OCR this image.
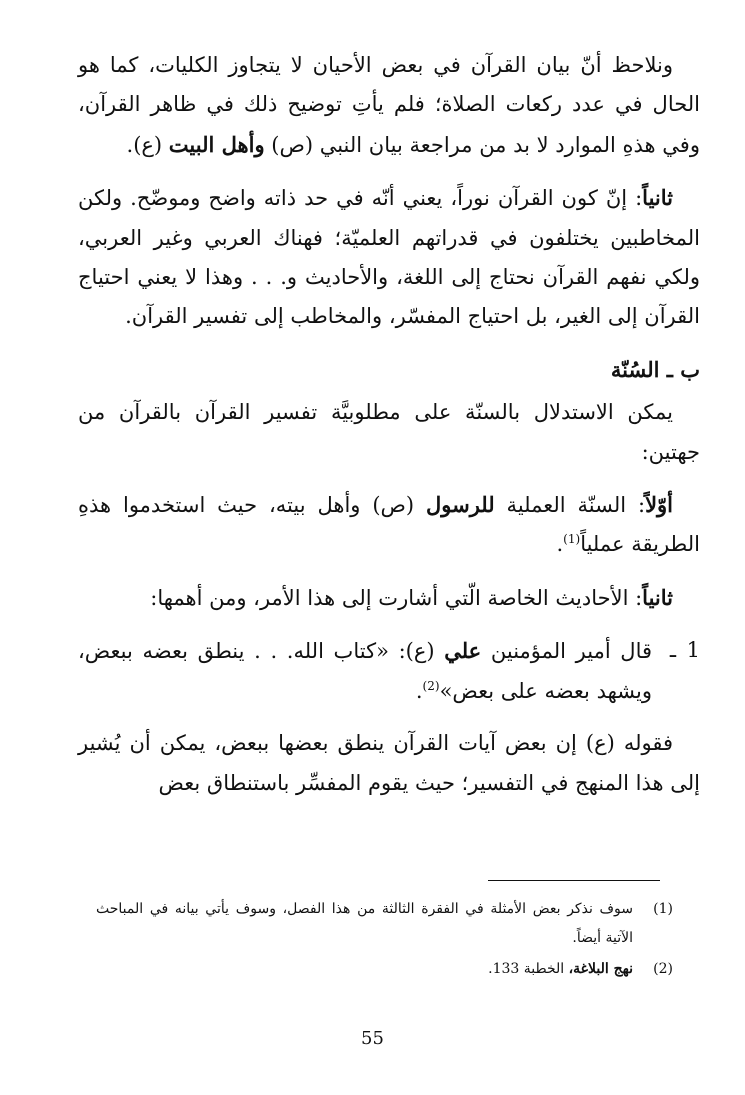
ونلاحظ أنّ بيان القرآن في بعض الأحيان لا يتجاوز الكليات، كما هو الحال في عدد ركعات الصلاة؛ فلم يأتِ توضيح ذلك في ظاهر القرآن، وفي هذهِ الموارد لا بد من مراجعة بيان النبي (ص) وأهل البيت (ع).

ثانياً: إنّ كون القرآن نوراً، يعني أنّه في حد ذاته واضح وموضّح. ولكن المخاطبين يختلفون في قدراتهم العلميّة؛ فهناك العربي وغير العربي، ولكي نفهم القرآن نحتاج إلى اللغة، والأحاديث و. . . وهذا لا يعني احتياج القرآن إلى الغير، بل احتياج المفسّر، والمخاطب إلى تفسير القرآن.

ب ـ السُنّة

يمكن الاستدلال بالسنّة على مطلوبيَّة تفسير القرآن بالقرآن من جهتين:

أوّلاً: السنّة العملية للرسول (ص) وأهل بيته، حيث استخدموا هذهِ الطريقة عملياً$^{(1)}$.

ثانياً: الأحاديث الخاصة الّتي أشارت إلى هذا الأمر، ومن أهمها:

1
ـ
قال أمير المؤمنين علي (ع): «كتاب الله. . . ينطق بعضه ببعض، ويشهد بعضه على بعض»$^{(2)}$.

فقوله (ع) إن بعض آيات القرآن ينطق بعضها ببعض، يمكن أن يُشير إلى هذا المنهج في التفسير؛ حيث يقوم المفسِّر باستنطاق بعض

(1)
سوف نذكر بعض الأمثلة في الفقرة الثالثة من هذا الفصل، وسوف يأتي بيانه في المباحث الآتية أيضاً.
(2)
نهج البلاغة، الخطبة 133.
55
